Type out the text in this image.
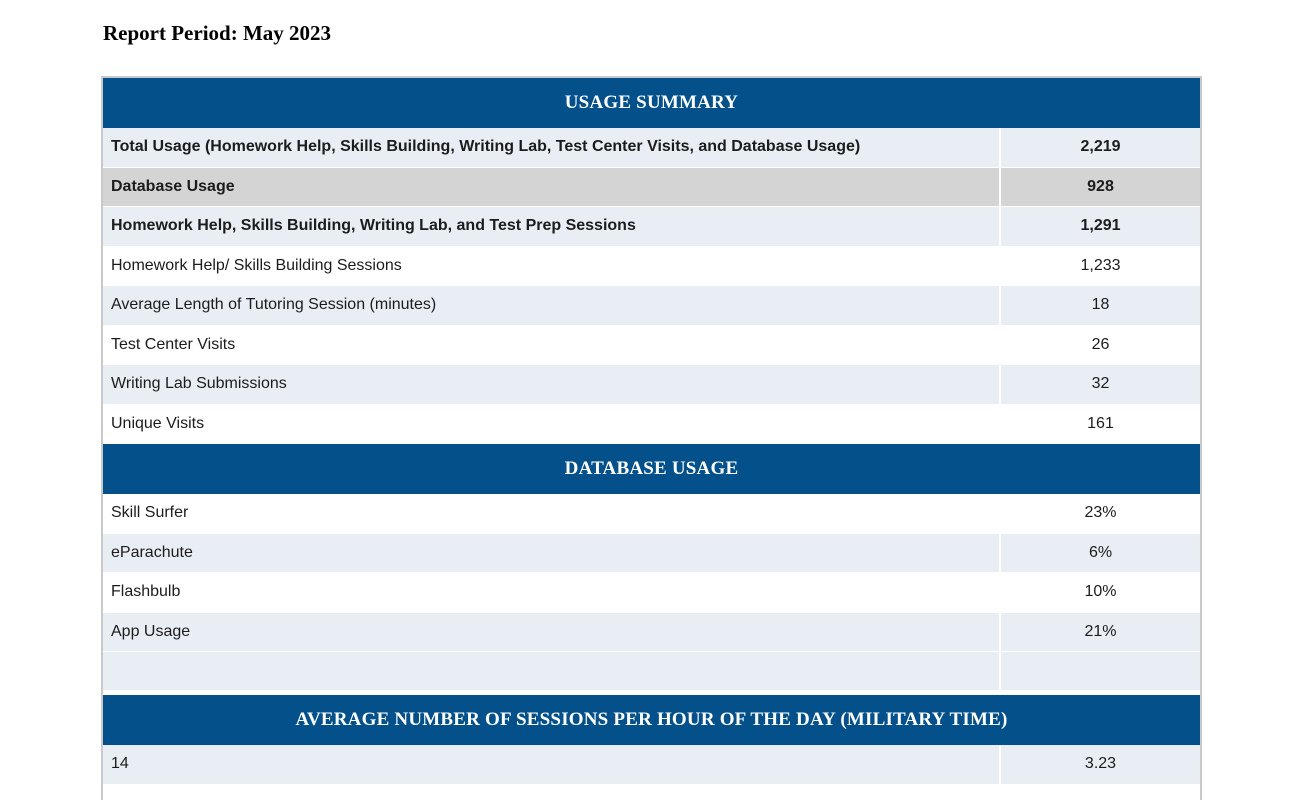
Report Period: May 2023
USAGE SUMMARY	
Total Usage (Homework Help, Skills Building, Writing Lab, Test Center Visits, and Database Usage)	2,219
Database Usage	928
Homework Help, Skills Building, Writing Lab, and Test Prep Sessions	1,291
Homework Help/ Skills Building Sessions	1,233
Average Length of Tutoring Session (minutes)	18
Test Center Visits	26
Writing Lab Submissions	32
Unique Visits	161
DATABASE USAGE	
Skill Surfer	23%
eParachute	6%
Flashbulb	10%
App Usage	21%

AVERAGE NUMBER OF SESSIONS PER HOUR OF THE DAY (MILITARY TIME)	
14	3.23
